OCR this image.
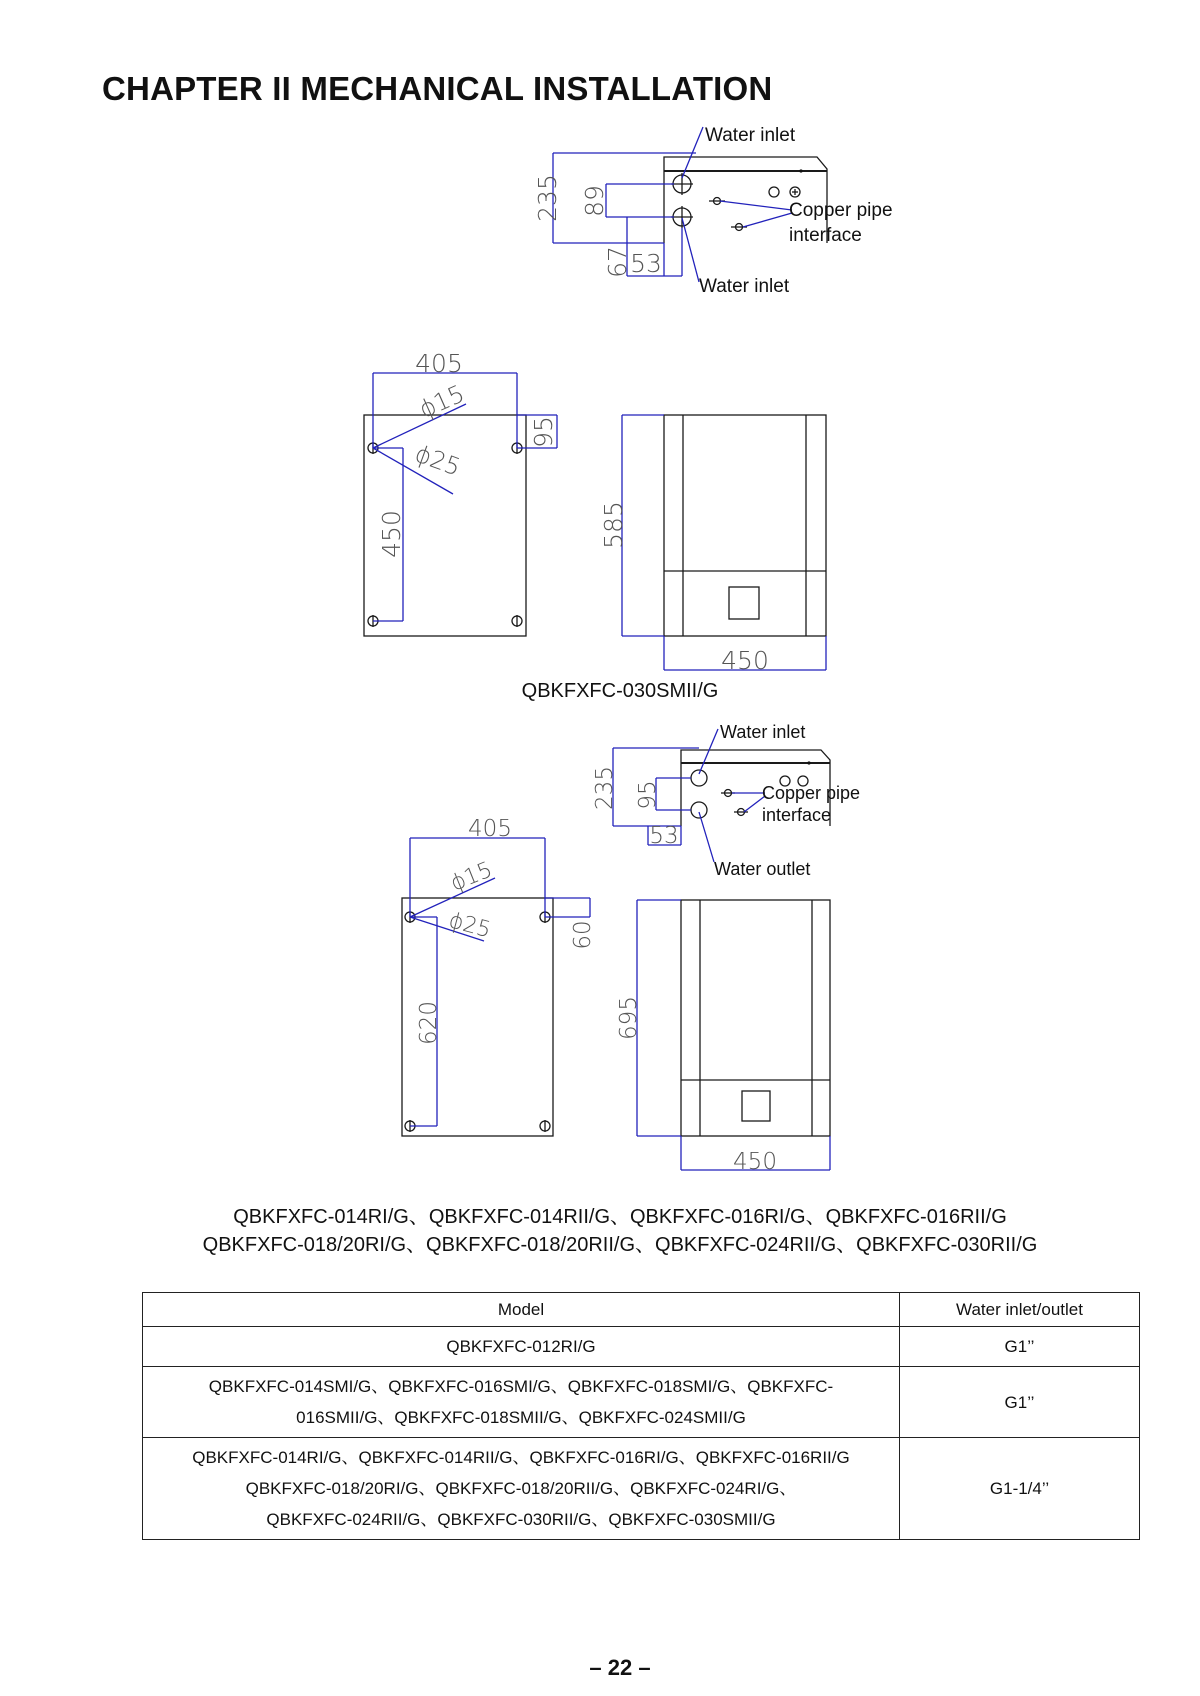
CHAPTER II MECHANICAL INSTALLATION
235 89
67
53
Water inlet
Copper pipe
interface
Water inlet
405
ϕ15
ϕ25
95
450	585
450
235 95
53
Water inlet
Copper pipe
interface
Water outlet
405
ϕ15
ϕ25	60
620	695
450
QBKFXFC-030SMII/G
QBKFXFC-014RI/G、QBKFXFC-014RII/G、QBKFXFC-016RI/G、QBKFXFC-016RII/G
QBKFXFC-018/20RI/G、QBKFXFC-018/20RII/G、QBKFXFC-024RII/G、QBKFXFC-030RII/G
Model	Water inlet/outlet

QBKFXFC-012RI/G	G1’’

QBKFXFC-014SMI/G、QBKFXFC-016SMI/G、QBKFXFC-018SMI/G、QBKFXFC-
016SMII/G、QBKFXFC-018SMII/G、QBKFXFC-024SMII/G	G1’’

QBKFXFC-014RI/G、QBKFXFC-014RII/G、QBKFXFC-016RI/G、QBKFXFC-016RII/G
QBKFXFC-018/20RI/G、QBKFXFC-018/20RII/G、QBKFXFC-024RI/G、
QBKFXFC-024RII/G、QBKFXFC-030RII/G、QBKFXFC-030SMII/G	G1-1/4’’
– 22 –
